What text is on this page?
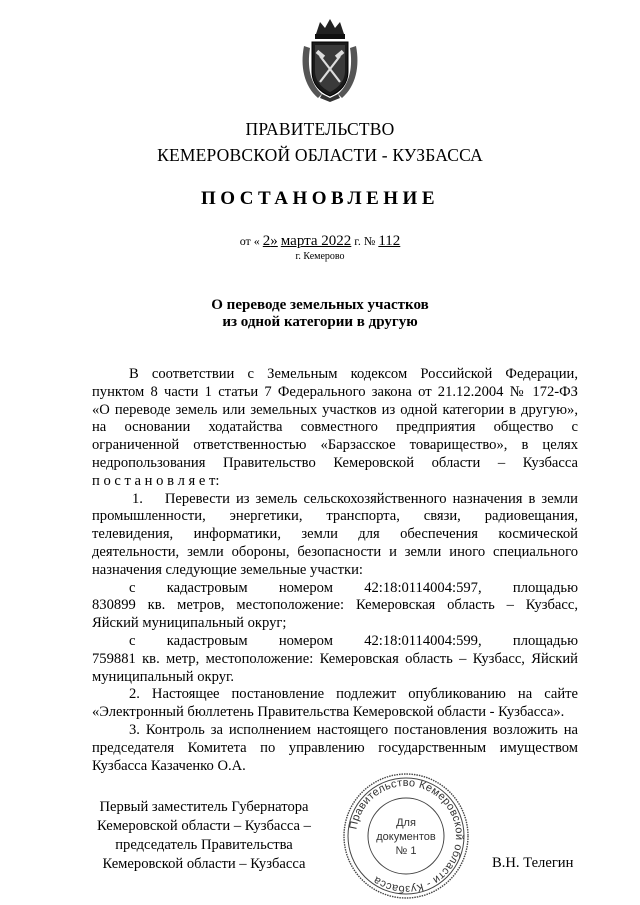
ПРАВИТЕЛЬСТВО
КЕМЕРОВСКОЙ ОБЛАСТИ - КУЗБАССА
ПОСТАНОВЛЕНИЕ
от « 2» марта 2022 г. № 112
г. Кемерово
О переводе земельных участков
из одной категории в другую

В соответствии с Земельным кодексом Российской Федерации,

пунктом 8 части 1 статьи 7 Федерального закона от 21.12.2004 № 172-ФЗ

«О переводе земель или земельных участков из одной категории в другую»,

на основании ходатайства совместного предприятия общество с

ограниченной ответственностью «Барзасское товарищество», в целях

недропользования Правительство Кемеровской области – Кузбасса

п о с т а н о в л я е т:

1.  Перевести из земель сельскохозяйственного назначения в земли

промышленности, энергетики, транспорта, связи, радиовещания,

телевидения, информатики, земли для обеспечения космической

деятельности, земли обороны, безопасности и земли иного специального

назначения следующие земельные участки:

с кадастровым номером 42:18:0114004:597, площадью

830899 кв. метров, местоположение: Кемеровская область – Кузбасс,

Яйский муниципальный округ;

с кадастровым номером 42:18:0114004:599, площадью

759881 кв. метр, местоположение: Кемеровская область – Кузбасс, Яйский

муниципальный округ.

2. Настоящее постановление подлежит опубликованию на сайте

«Электронный бюллетень Правительства Кемеровской области - Кузбасса».

3. Контроль за исполнением настоящего постановления возложить на

председателя Комитета по управлению государственным имуществом

Кузбасса Казаченко О.А.

Первый заместитель Губернатора
Кемеровской области – Кузбасса –
председатель Правительства
Кемеровской области – Кузбасса	В.Н. Телегин
Правительство Кемеровской области - Кузбасса
Для
документов
№ 1
